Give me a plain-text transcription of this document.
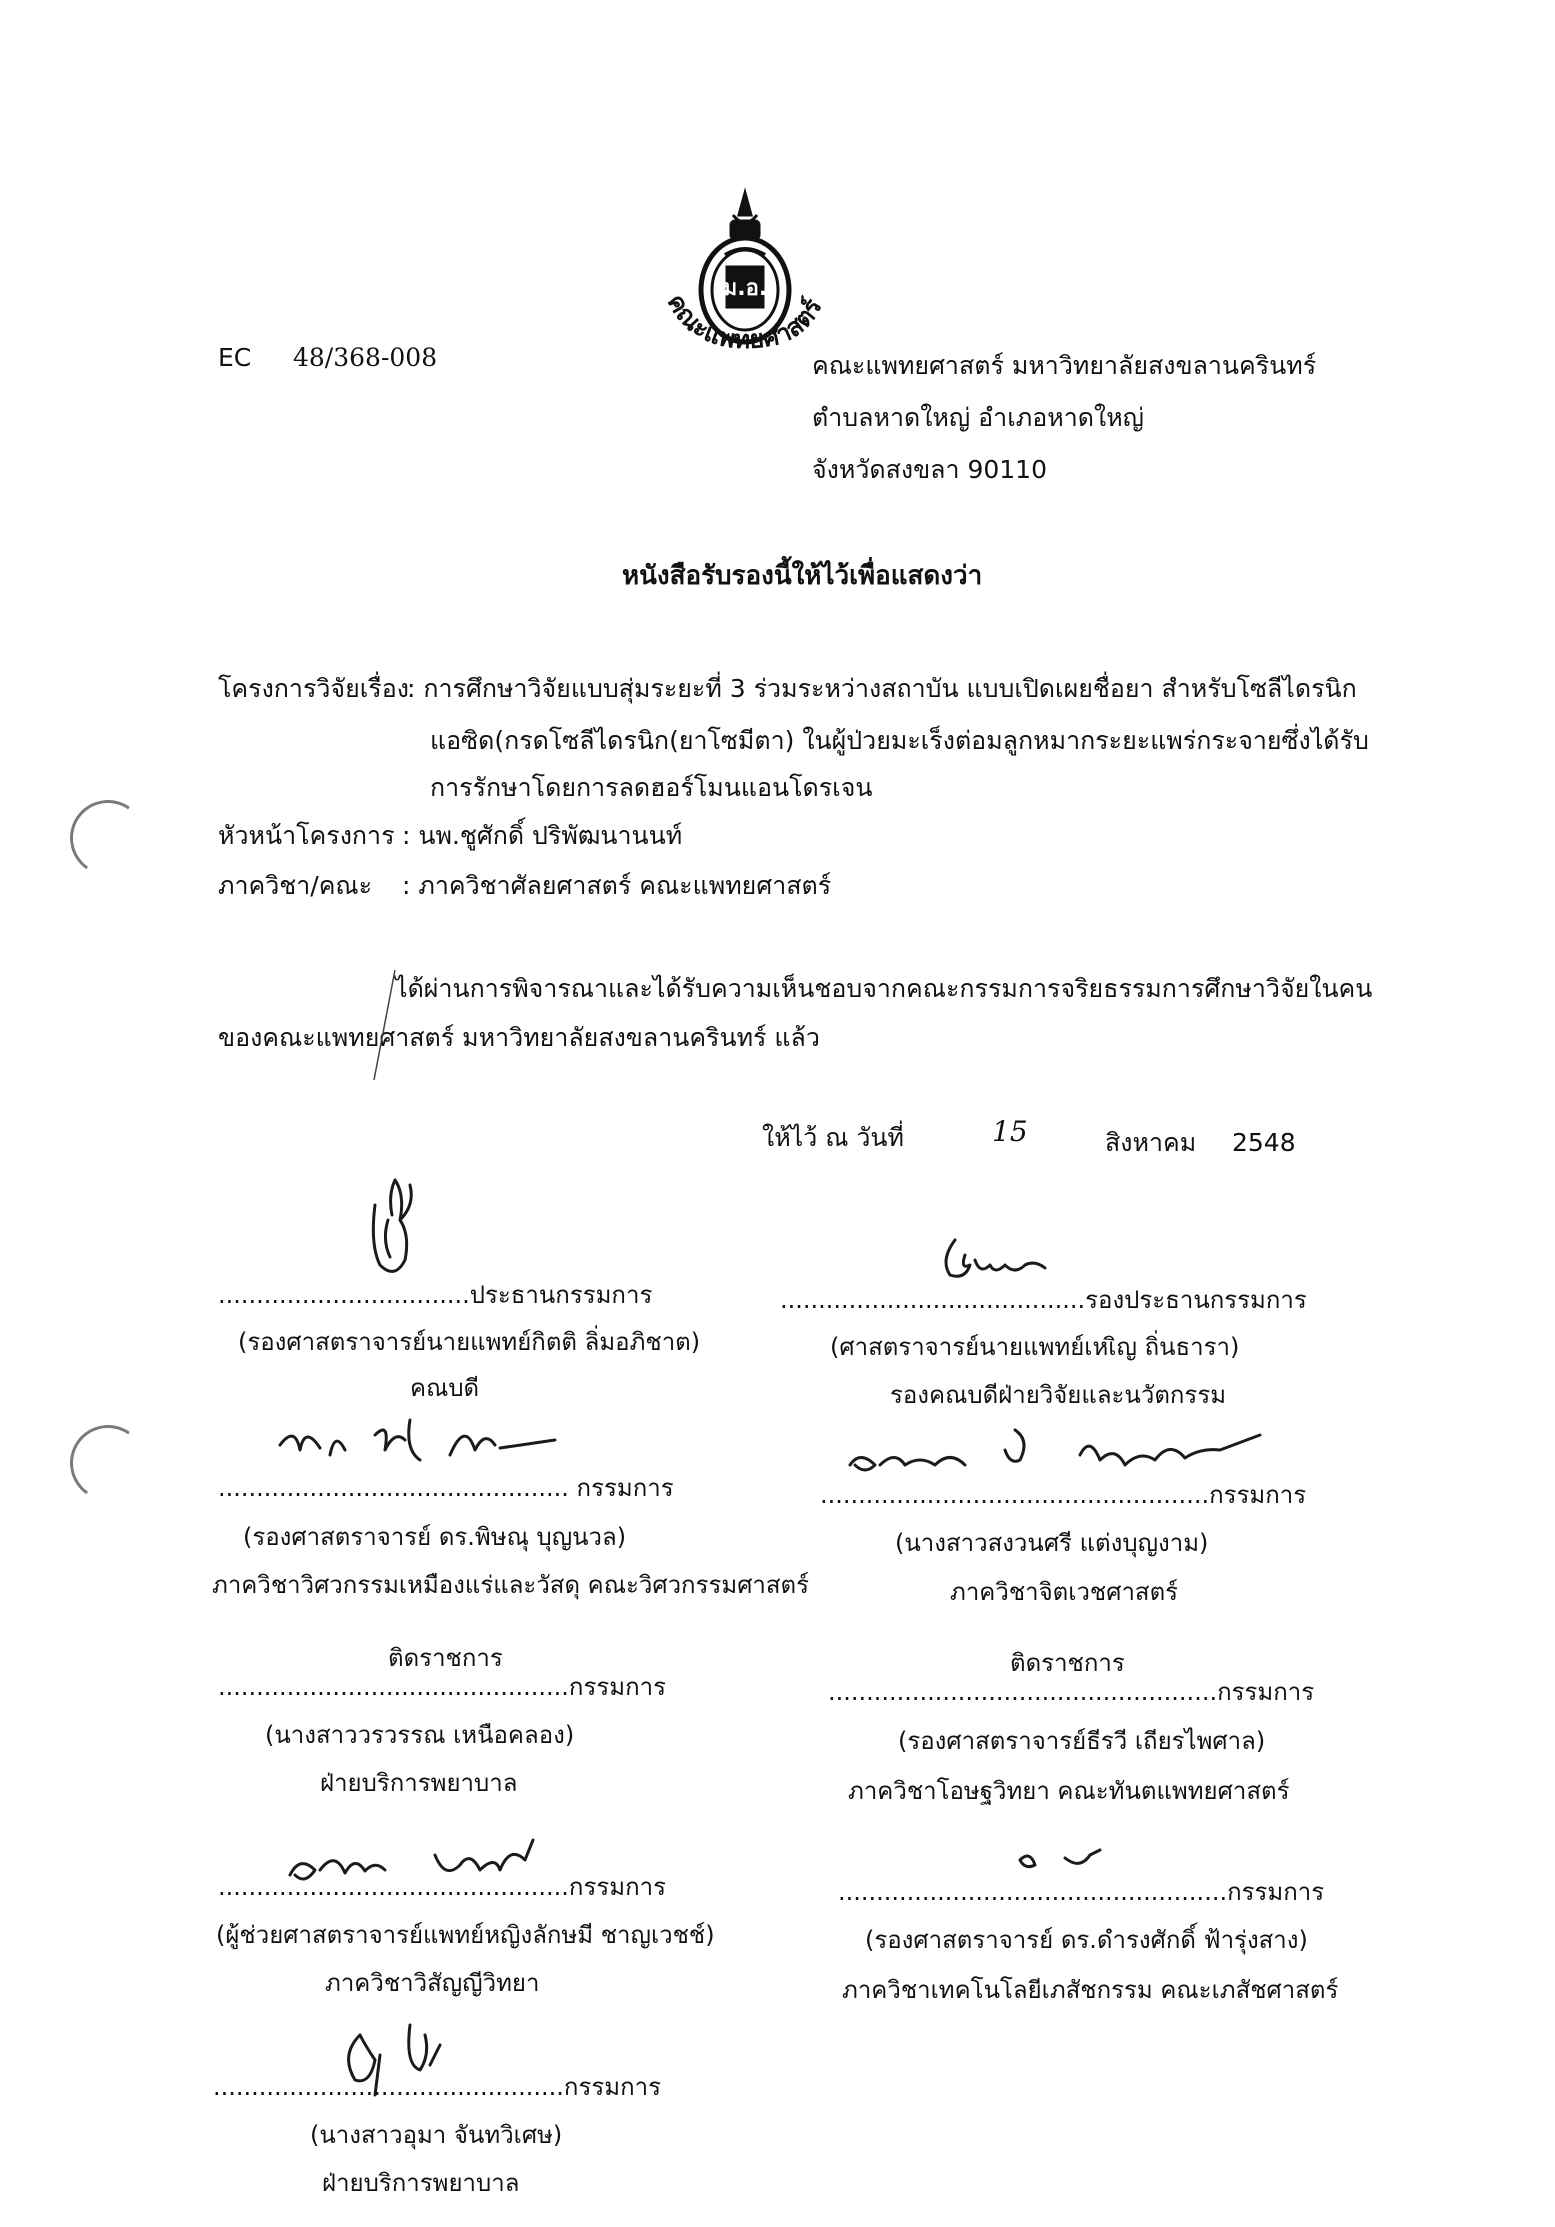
ม.อ.
คณะแพทยศาสตร์
EC 48/368-008	คณะแพทยศาสตร์ มหาวิทยาลัยสงขลานครินทร์
ตำบลหาดใหญ่ อำเภอหาดใหญ่
จังหวัดสงขลา 90110
หนังสือรับรองนี้ให้ไว้เพื่อแสดงว่า
โครงการวิจัยเรื่อง
: การศึกษาวิจัยแบบสุ่มระยะที่ 3 ร่วมระหว่างสถาบัน แบบเปิดเผยชื่อยา สำหรับโซลีไดรนิก
แอซิด(กรดโซลีไดรนิก(ยาโซมีตา) ในผู้ป่วยมะเร็งต่อมลูกหมากระยะแพร่กระจายซึ่งได้รับ
การรักษาโดยการลดฮอร์โมนแอนโดรเจน
หัวหน้าโครงการ : นพ.ชูศักดิ์ ปริพัฒนานนท์
ภาควิชา/คณะ : ภาควิชาศัลยศาสตร์ คณะแพทยศาสตร์
ได้ผ่านการพิจารณาและได้รับความเห็นชอบจากคณะกรรมการจริยธรรมการศึกษาวิจัยในคน
ของคณะแพทยศาสตร์ มหาวิทยาลัยสงขลานครินทร์ แล้ว
ให้ไว้ ณ วันที่	15	สิงหาคม 2548
.................................ประธานกรรมการ
(รองศาสตราจารย์นายแพทย์กิตติ ลิ่มอภิชาต)
คณบดี
.............................................. กรรมการ
(รองศาสตราจารย์ ดร.พิษณุ บุญนวล)
ภาควิชาวิศวกรรมเหมืองแร่และวัสดุ คณะวิศวกรรมศาสตร์
ติดราชการ
..............................................กรรมการ
(นางสาววรวรรณ เหนือคลอง)
ฝ่ายบริการพยาบาล
..............................................กรรมการ
(ผู้ช่วยศาสตราจารย์แพทย์หญิงลักษมี ชาญเวชช์)
ภาควิชาวิสัญญีวิทยา
..............................................กรรมการ
(นางสาวอุมา จันทวิเศษ)
ฝ่ายบริการพยาบาล
........................................รองประธานกรรมการ
(ศาสตราจารย์นายแพทย์เหเิญ ถิ่นธารา)
รองคณบดีฝ่ายวิจัยและนวัตกรรม
...................................................กรรมการ
(นางสาวสงวนศรี แต่งบุญงาม)
ภาควิชาจิตเวชศาสตร์
ติดราชการ
...................................................กรรมการ
(รองศาสตราจารย์ธีรวี เถียรไพศาล)
ภาควิชาโอษฐวิทยา คณะทันตแพทยศาสตร์
...................................................กรรมการ
(รองศาสตราจารย์ ดร.ดำรงศักดิ์ ฟ้ารุ่งสาง)
ภาควิชาเทคโนโลยีเภสัชกรรม คณะเภสัชศาสตร์
